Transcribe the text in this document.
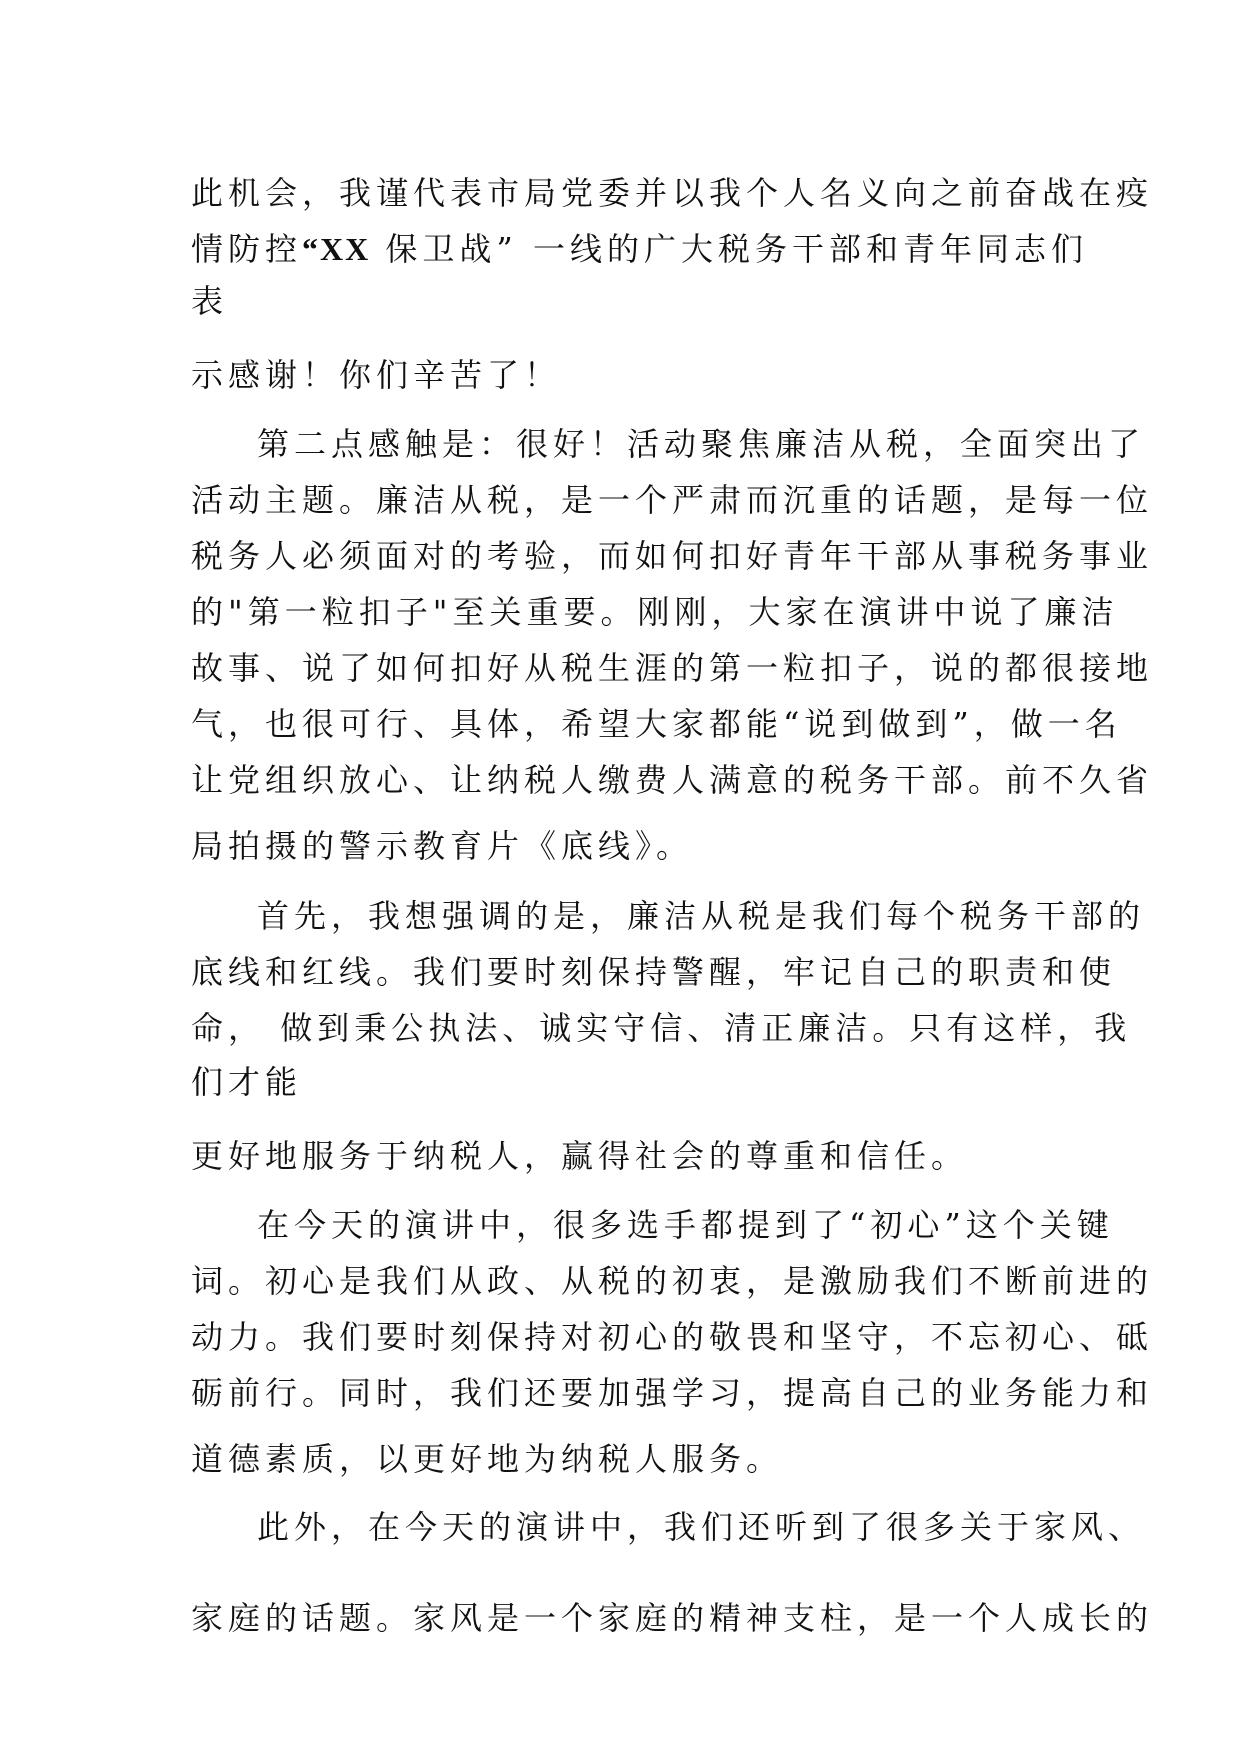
此机会，我谨代表市局党委并以我个人名义向之前奋战在疫
情防控“XX 保卫战” 一线的广大税务干部和青年同志们
表
示感谢！你们辛苦了！
第二点感触是：很好！活动聚焦廉洁从税，全面突出了
活动主题。廉洁从税，是一个严肃而沉重的话题，是每一位
税务人必须面对的考验，而如何扣好青年干部从事税务事业
的"第一粒扣子"至关重要。刚刚，大家在演讲中说了廉洁
故事、说了如何扣好从税生涯的第一粒扣子，说的都很接地
气，也很可行、具体，希望大家都能“说到做到”，做一名
让党组织放心、让纳税人缴费人满意的税务干部。前不久省
局拍摄的警示教育片《底线》。
首先，我想强调的是，廉洁从税是我们每个税务干部的
底线和红线。我们要时刻保持警醒，牢记自己的职责和使
命， 做到秉公执法、诚实守信、清正廉洁。只有这样，我
们才能
更好地服务于纳税人，赢得社会的尊重和信任。
在今天的演讲中，很多选手都提到了“初心”这个关键
词。初心是我们从政、从税的初衷，是激励我们不断前进的
动力。我们要时刻保持对初心的敬畏和坚守，不忘初心、砥
砺前行。同时，我们还要加强学习，提高自己的业务能力和
道德素质，以更好地为纳税人服务。
此外，在今天的演讲中，我们还听到了很多关于家风、
家庭的话题。家风是一个家庭的精神支柱，是一个人成长的
